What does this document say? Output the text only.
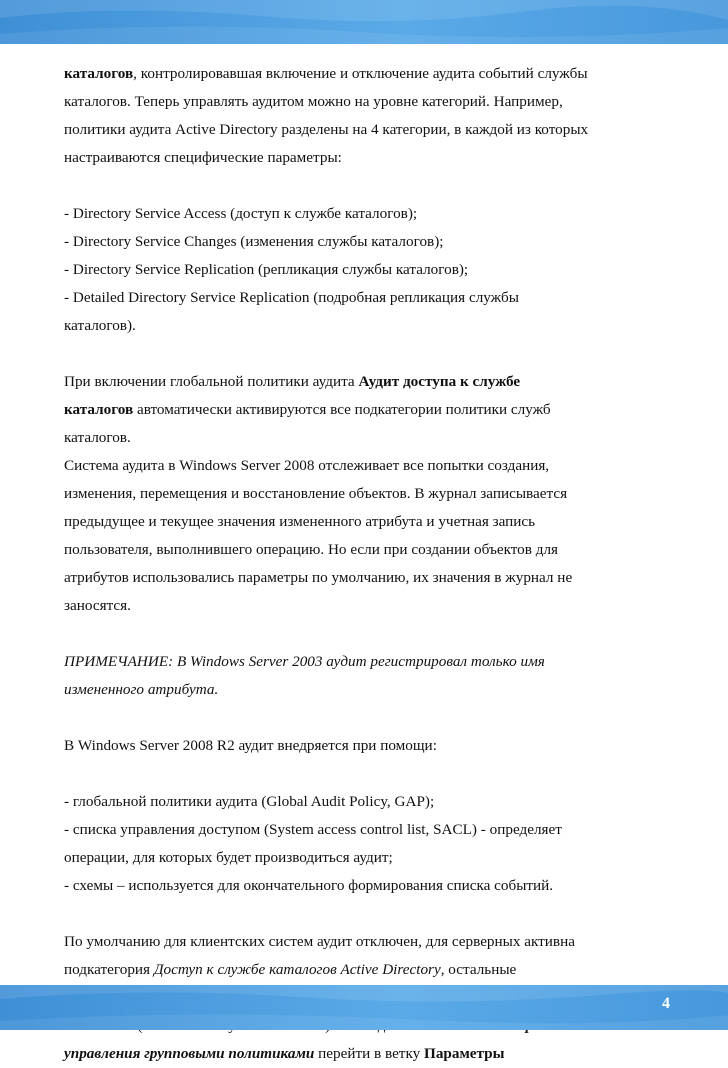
каталогов, контролировавшая включение и отключение аудита событий службы
каталогов. Теперь управлять аудитом можно на уровне категорий. Например,
политики аудита Active Directory разделены на 4 категории, в каждой из которых
настраиваются специфические параметры:
- Directory Service Access (доступ к службе каталогов);
- Directory Service Changes (изменения службы каталогов);
- Directory Service Replication (репликация службы каталогов);
- Detailed Directory Service Replication (подробная репликация службы
каталогов).
При включении глобальной политики аудита Аудит доступа к службе
каталогов автоматически активируются все подкатегории политики служб
каталогов.
Система аудита в Windows Server 2008 отслеживает все попытки создания,
изменения, перемещения и восстановление объектов. В журнал записывается
предыдущее и текущее значения измененного атрибута и учетная запись
пользователя, выполнившего операцию. Но если при создании объектов для
атрибутов использовались параметры по умолчанию, их значения в журнал не
заносятся.
ПРИМЕЧАНИЕ: В Windows Server 2003 аудит регистрировал только имя
измененного атрибута.
В Windows Server 2008 R2 аудит внедряется при помощи:
- глобальной политики аудита (Global Audit Policy, GAP);
- списка управления доступом (System access control list, SACL) - определяет
операции, для которых будет производиться аудит;
- схемы – используется для окончательного формирования списка событий.
По умолчанию для клиентских систем аудит отключен, для серверных активна
подкатегория Доступ к службе каталогов Active Directory, остальные
управления групповыми политиками перейти в ветку Параметры
4
